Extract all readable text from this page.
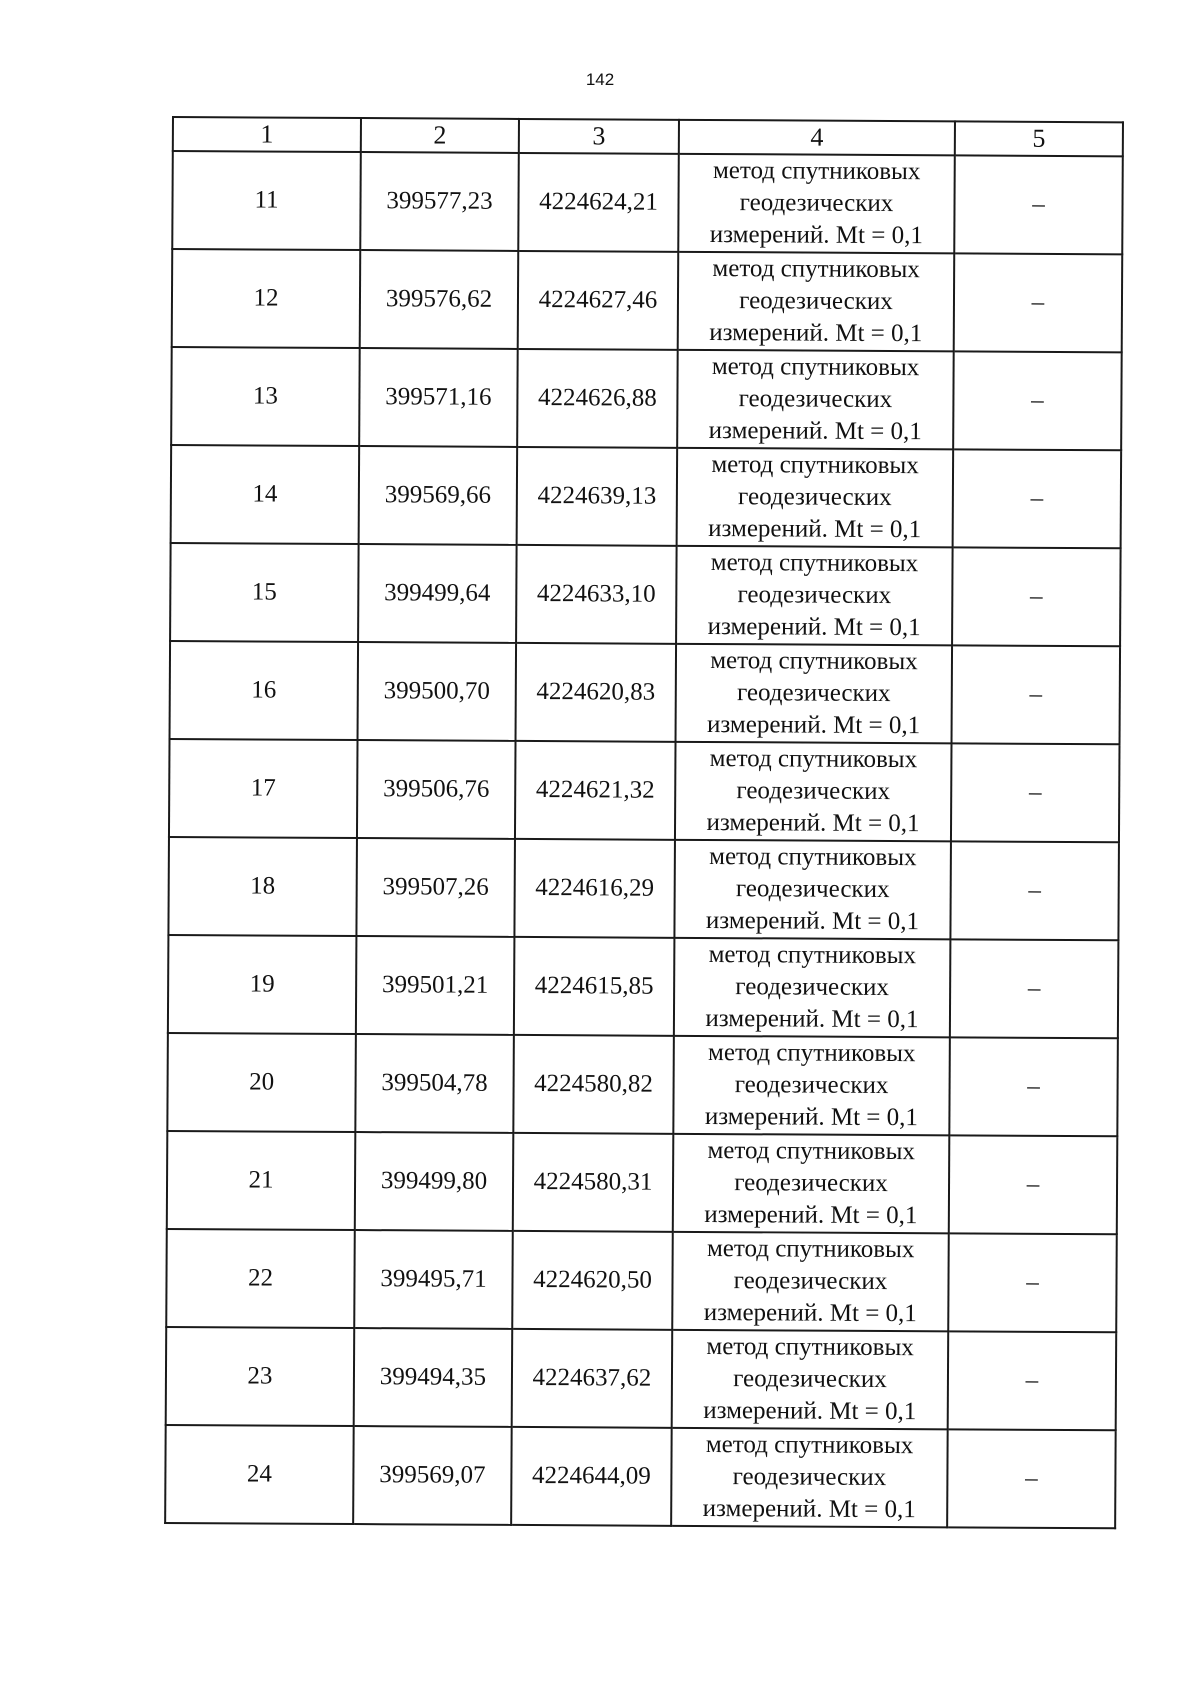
142
1	2	3	4	5
11	399577,23	4224624,21	метод спутниковых
геодезических
измерений. Mt = 0,1	–
12	399576,62	4224627,46	метод спутниковых
геодезических
измерений. Mt = 0,1	–
13	399571,16	4224626,88	метод спутниковых
геодезических
измерений. Mt = 0,1	–
14	399569,66	4224639,13	метод спутниковых
геодезических
измерений. Mt = 0,1	–
15	399499,64	4224633,10	метод спутниковых
геодезических
измерений. Mt = 0,1	–
16	399500,70	4224620,83	метод спутниковых
геодезических
измерений. Mt = 0,1	–
17	399506,76	4224621,32	метод спутниковых
геодезических
измерений. Mt = 0,1	–
18	399507,26	4224616,29	метод спутниковых
геодезических
измерений. Mt = 0,1	–
19	399501,21	4224615,85	метод спутниковых
геодезических
измерений. Mt = 0,1	–
20	399504,78	4224580,82	метод спутниковых
геодезических
измерений. Mt = 0,1	–
21	399499,80	4224580,31	метод спутниковых
геодезических
измерений. Mt = 0,1	–
22	399495,71	4224620,50	метод спутниковых
геодезических
измерений. Mt = 0,1	–
23	399494,35	4224637,62	метод спутниковых
геодезических
измерений. Mt = 0,1	–
24	399569,07	4224644,09	метод спутниковых
геодезических
измерений. Mt = 0,1	–
